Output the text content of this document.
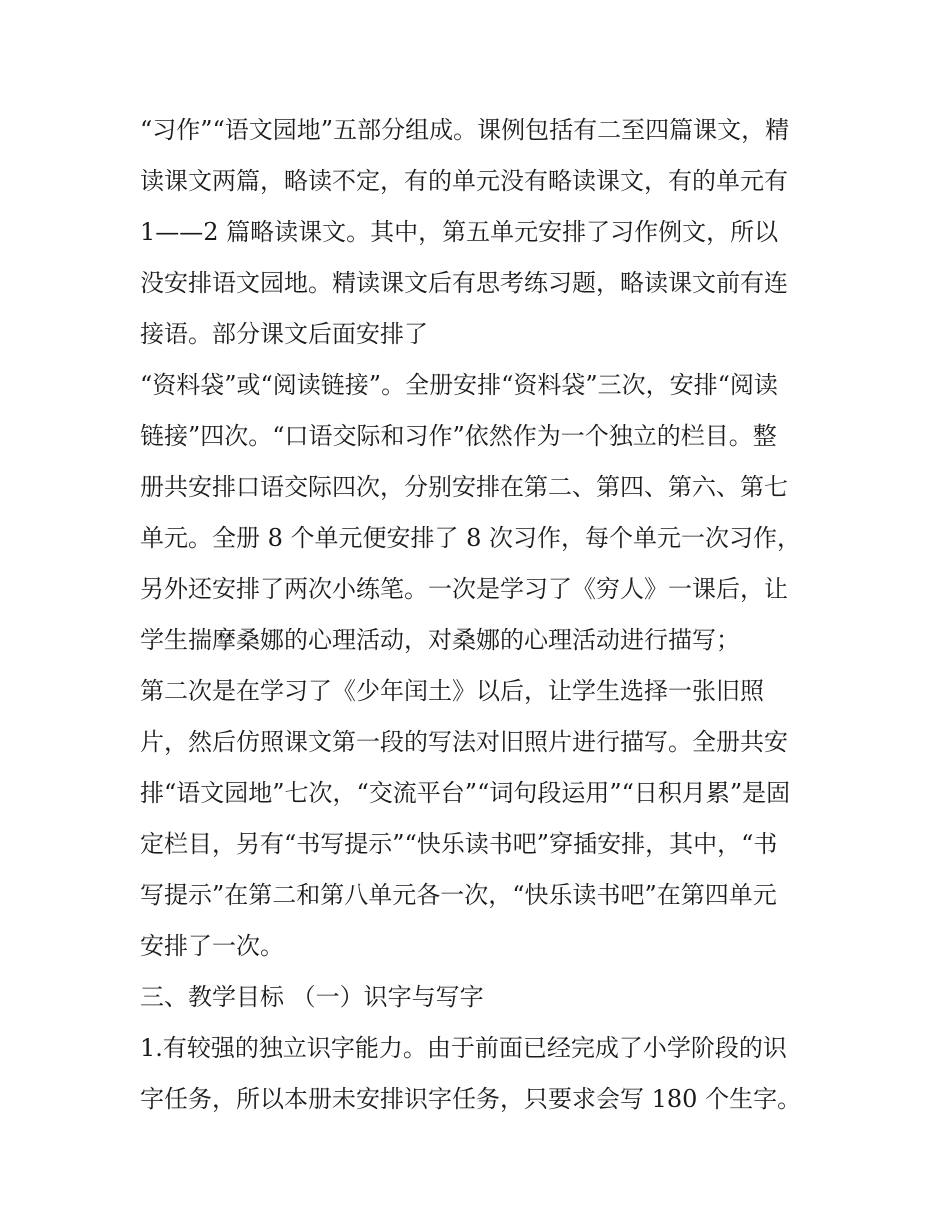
“习作”“语文园地”五部分组成。课例包括有二至四篇课文，精
读课文两篇，略读不定，有的单元没有略读课文，有的单元有
1——2 篇略读课文。其中，第五单元安排了习作例文，所以
没安排语文园地。精读课文后有思考练习题，略读课文前有连
接语。部分课文后面安排了
“资料袋”或“阅读链接”。全册安排“资料袋”三次，安排“阅读
链接”四次。“口语交际和习作”依然作为一个独立的栏目。整
册共安排口语交际四次，分别安排在第二、第四、第六、第七
单元。全册 8 个单元便安排了 8 次习作，每个单元一次习作，
另外还安排了两次小练笔。一次是学习了《穷人》一课后，让
学生揣摩桑娜的心理活动，对桑娜的心理活动进行描写；
第二次是在学习了《少年闰土》以后，让学生选择一张旧照
片，然后仿照课文第一段的写法对旧照片进行描写。全册共安
排“语文园地”七次，“交流平台”“词句段运用”“日积月累”是固
定栏目，另有“书写提示”“快乐读书吧”穿插安排，其中，“书
写提示”在第二和第八单元各一次，“快乐读书吧”在第四单元
安排了一次。
三、教学目标 （一）识字与写字
1.有较强的独立识字能力。由于前面已经完成了小学阶段的识
字任务，所以本册未安排识字任务，只要求会写 180 个生字。
